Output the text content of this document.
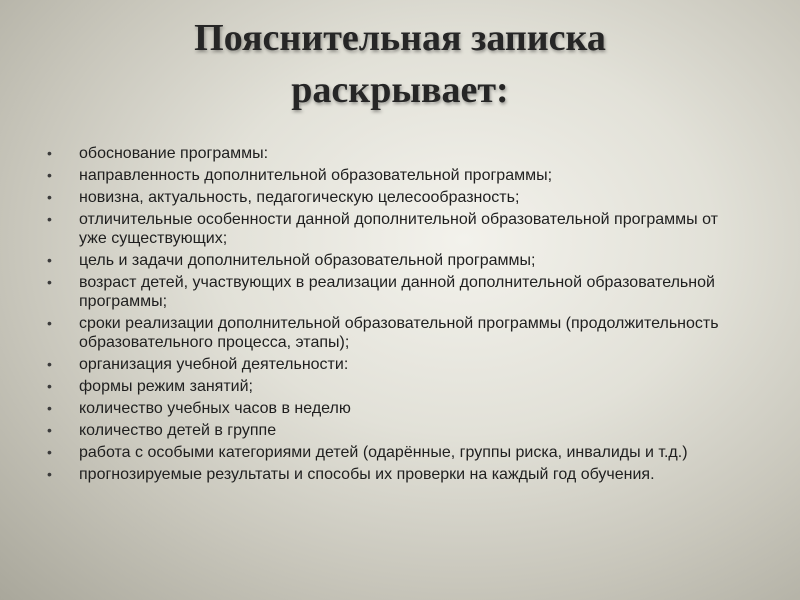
Пояснительная записка
раскрывает:
• обоснование программы:
• направленность дополнительной образовательной программы;
• новизна, актуальность, педагогическую целесообразность;
• отличительные особенности данной дополнительной образовательной программы от уже существующих;
• цель и задачи дополнительной образовательной программы;
• возраст детей, участвующих в реализации данной дополнительной образовательной программы;
• сроки реализации дополнительной образовательной программы (продолжительность образовательного процесса, этапы);
• организация учебной деятельности:
• формы режим занятий;
• количество учебных часов в неделю
• количество детей в группе
• работа с особыми категориями детей (одарённые, группы риска, инвалиды и т.д.)
• прогнозируемые результаты и способы их проверки на каждый год обучения.
